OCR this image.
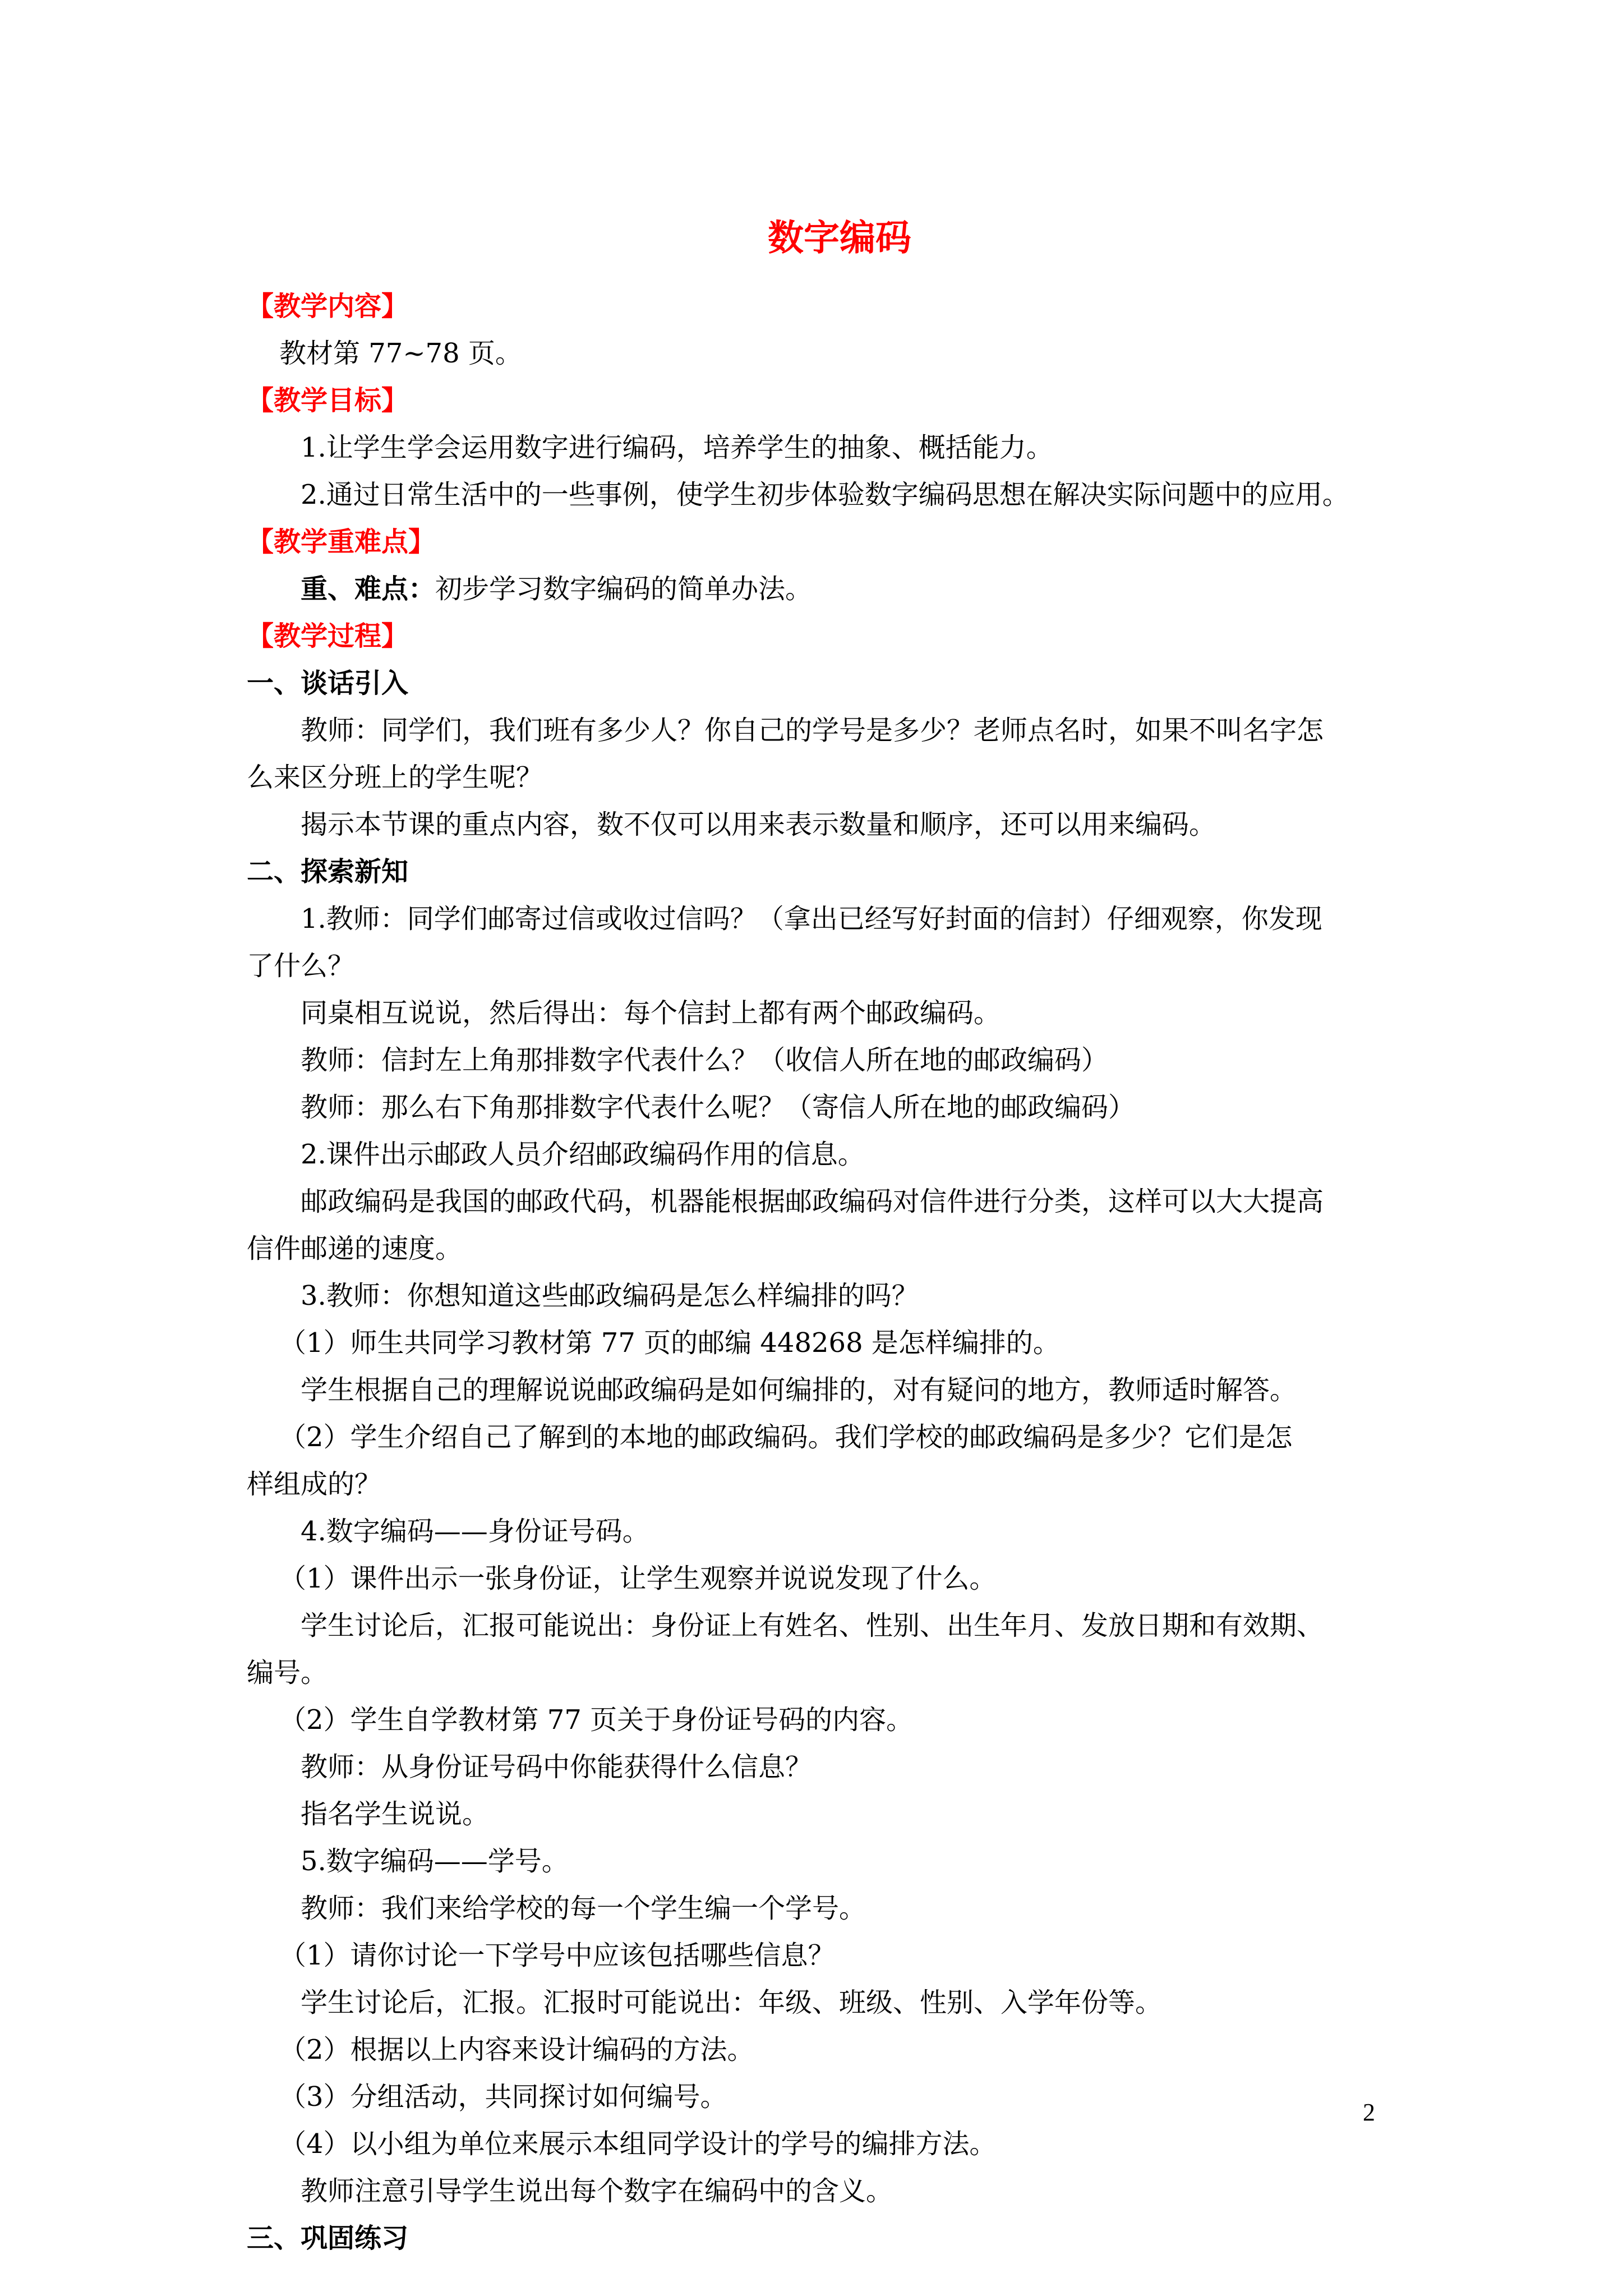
数字编码
【教学内容】
教材第 77~78 页。
【教学目标】
1.让学生学会运用数字进行编码，培养学生的抽象、概括能力。
2.通过日常生活中的一些事例，使学生初步体验数字编码思想在解决实际问题中的应用。
【教学重难点】
重、难点：初步学习数字编码的简单办法。
【教学过程】
一、谈话引入
教师：同学们，我们班有多少人？你自己的学号是多少？老师点名时，如果不叫名字怎
么来区分班上的学生呢？
揭示本节课的重点内容，数不仅可以用来表示数量和顺序，还可以用来编码。
二、探索新知
1.教师：同学们邮寄过信或收过信吗？（拿出已经写好封面的信封）仔细观察，你发现
了什么？
同桌相互说说，然后得出：每个信封上都有两个邮政编码。
教师：信封左上角那排数字代表什么？（收信人所在地的邮政编码）
教师：那么右下角那排数字代表什么呢？（寄信人所在地的邮政编码）
2.课件出示邮政人员介绍邮政编码作用的信息。
邮政编码是我国的邮政代码，机器能根据邮政编码对信件进行分类，这样可以大大提高
信件邮递的速度。
3.教师：你想知道这些邮政编码是怎么样编排的吗？
（1）师生共同学习教材第 77 页的邮编 448268 是怎样编排的。
学生根据自己的理解说说邮政编码是如何编排的，对有疑问的地方，教师适时解答。
（2）学生介绍自己了解到的本地的邮政编码。我们学校的邮政编码是多少？它们是怎
样组成的？
4.数字编码——身份证号码。
（1）课件出示一张身份证，让学生观察并说说发现了什么。
学生讨论后，汇报可能说出：身份证上有姓名、性别、出生年月、发放日期和有效期、
编号。
（2）学生自学教材第 77 页关于身份证号码的内容。
教师：从身份证号码中你能获得什么信息？
指名学生说说。
5.数字编码——学号。
教师：我们来给学校的每一个学生编一个学号。
（1）请你讨论一下学号中应该包括哪些信息？
学生讨论后，汇报。汇报时可能说出：年级、班级、性别、入学年份等。
（2）根据以上内容来设计编码的方法。
（3）分组活动，共同探讨如何编号。
（4）以小组为单位来展示本组同学设计的学号的编排方法。
教师注意引导学生说出每个数字在编码中的含义。
三、巩固练习
2
